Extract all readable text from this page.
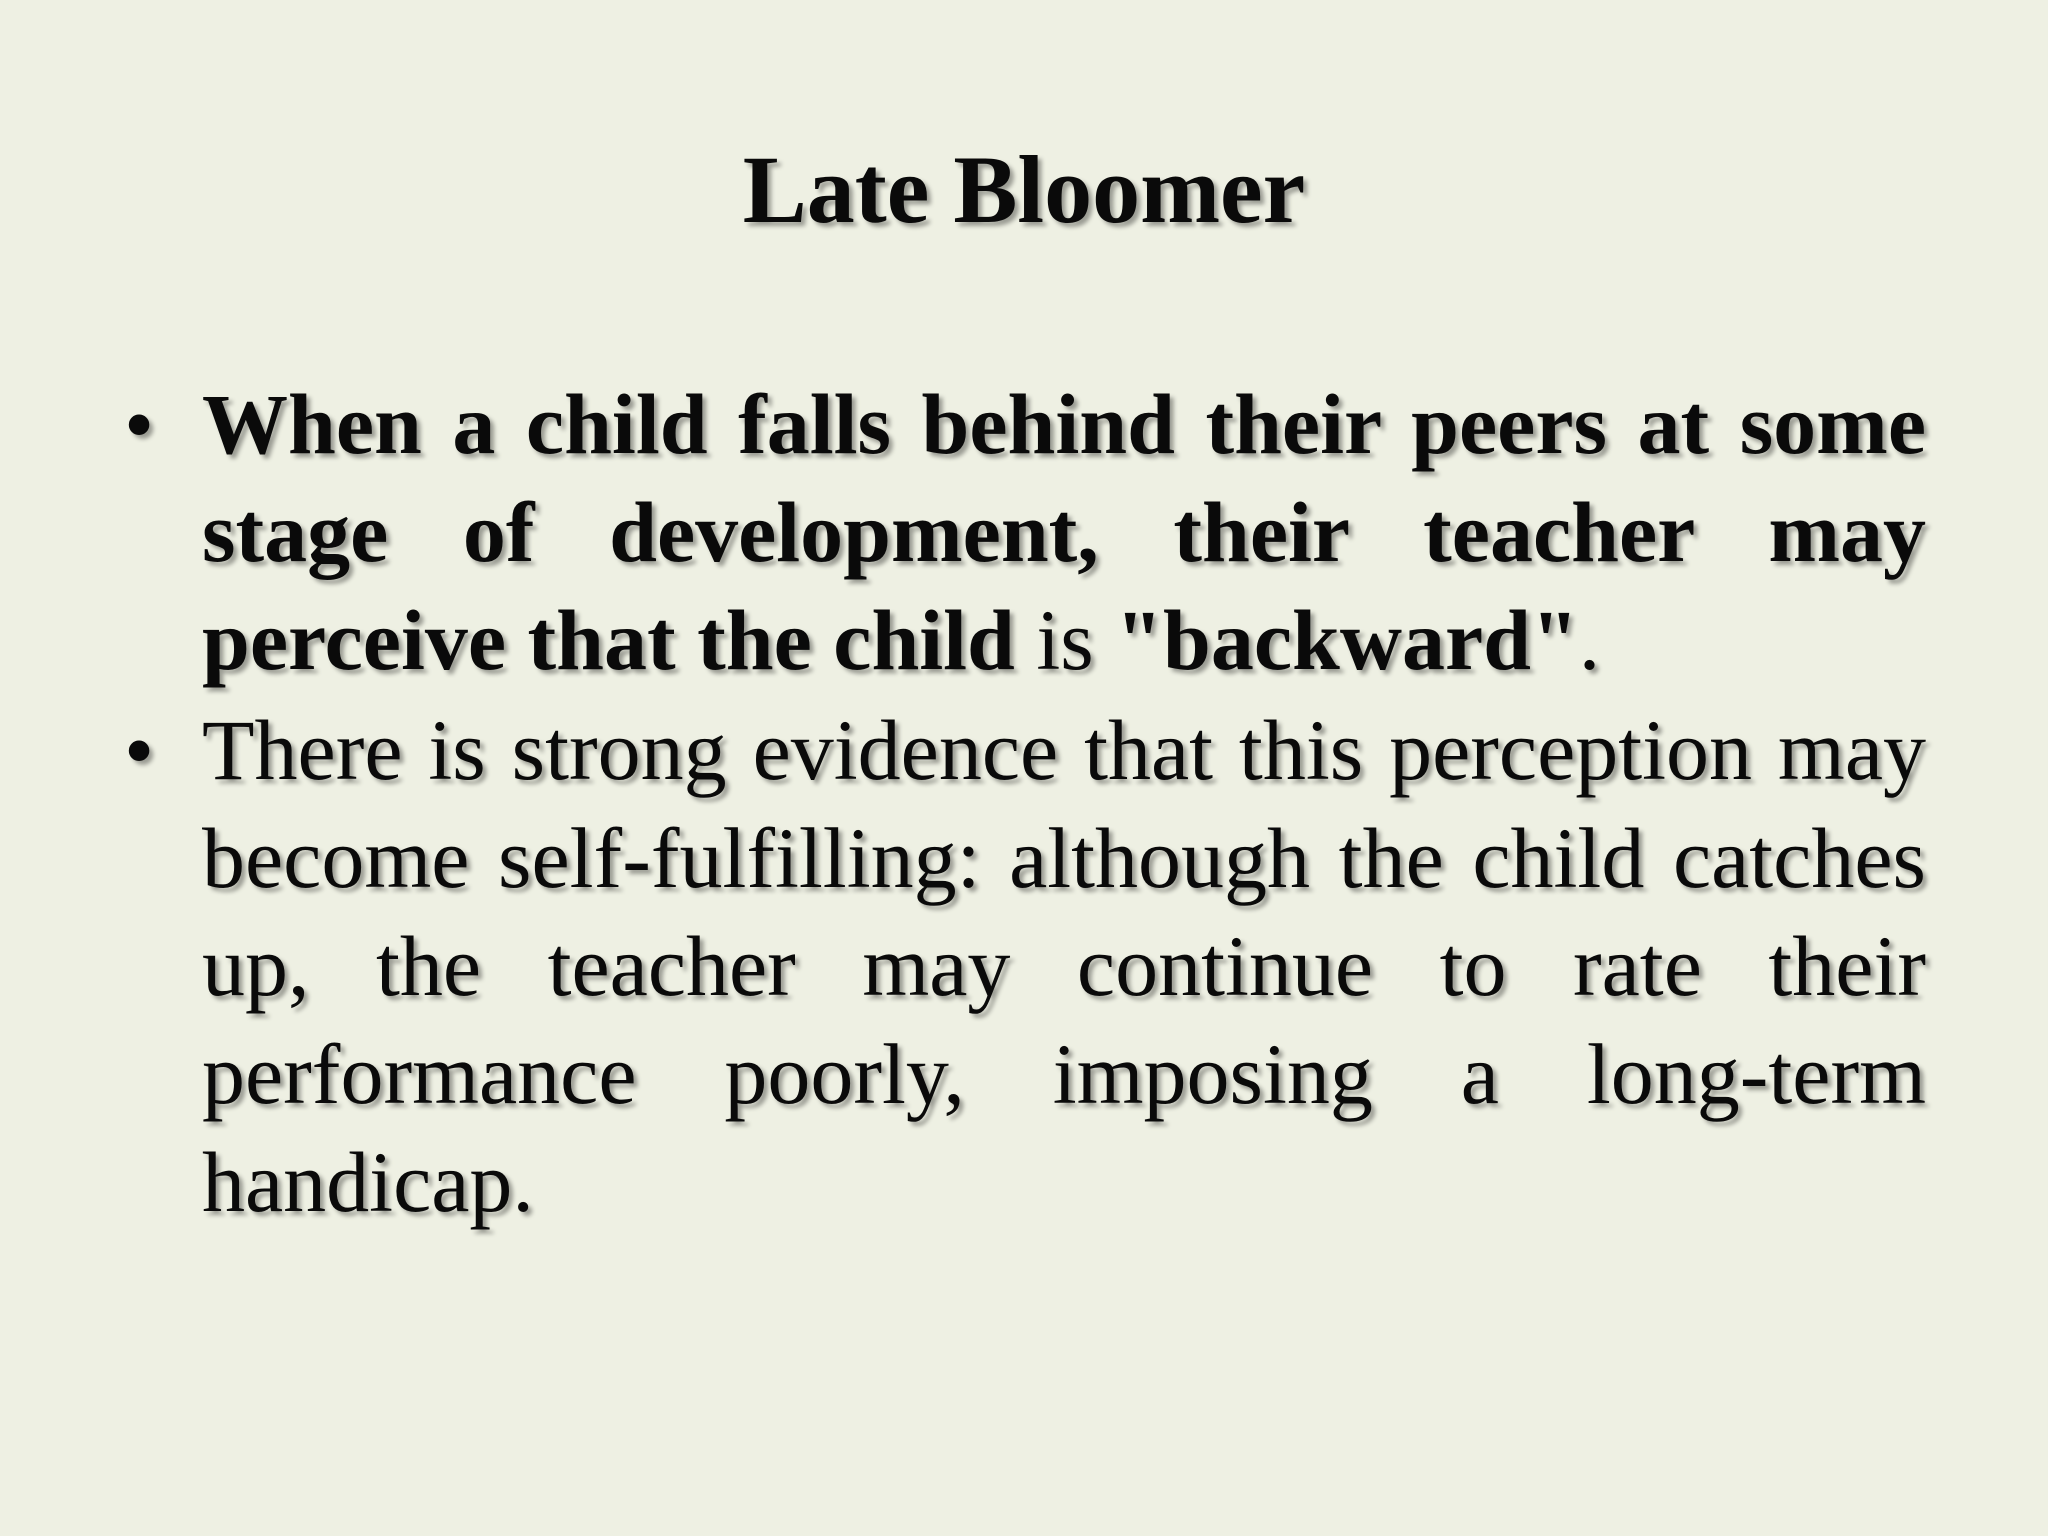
Late Bloomer
• When a child falls behind their peers at some stage of development, their teacher may perceive that the child is "backward".
• There is strong evidence that this perception may become self-fulfilling: although the child catches up, the teacher may continue to rate their performance poorly, imposing a long-term handicap.
